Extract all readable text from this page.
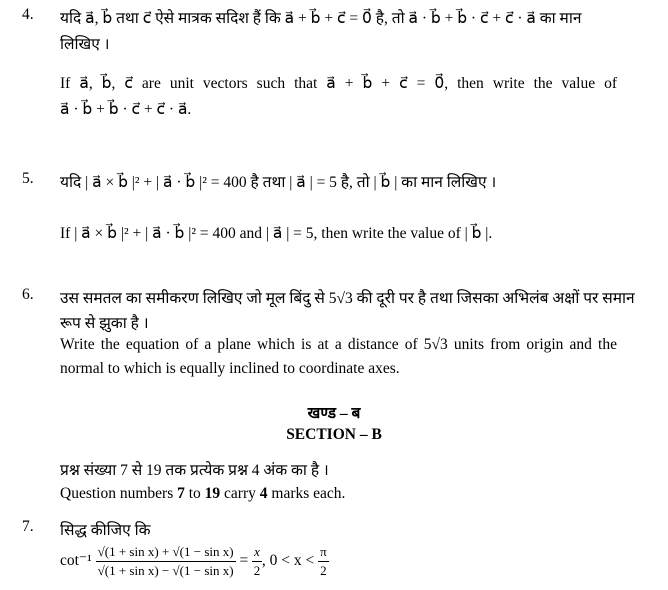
4. यदि a⃗, b⃗ तथा c⃗ ऐसे मात्रक सदिश हैं कि a⃗ + b⃗ + c⃗ = 0⃗ है, तो a⃗ · b⃗ + b⃗ · c⃗ + c⃗ · a⃗ का मान
लिखिए ।
If a⃗, b⃗, c⃗ are unit vectors such that a⃗ + b⃗ + c⃗ = 0⃗, then write the value of
a⃗ · b⃗ + b⃗ · c⃗ + c⃗ · a⃗.
5. यदि | a⃗ × b⃗ |² + | a⃗ · b⃗ |² = 400 है तथा | a⃗ | = 5 है, तो | b⃗ | का मान लिखिए ।
If | a⃗ × b⃗ |² + | a⃗ · b⃗ |² = 400 and | a⃗ | = 5, then write the value of | b⃗ |.
6. उस समतल का समीकरण लिखिए जो मूल बिंदु से 5√3 की दूरी पर है तथा जिसका अभिलंब अक्षों पर समान
रूप से झुका है ।
Write the equation of a plane which is at a distance of 5√3 units from origin and the
normal to which is equally inclined to coordinate axes.
खण्ड – ब
SECTION – B
प्रश्न संख्या 7 से 19 तक प्रत्येक प्रश्न 4 अंक का है ।
Question numbers 7 to 19 carry 4 marks each.
7. सिद्ध कीजिए कि
$\cot^{-1} \frac{\text{√(1 + sin x) + √(1 − sin x)}}{\text{√(1 + sin x) − √(1 − sin x)}} = \frac{x}{2}$ , $0 < x < \frac{\pi}{2}$
